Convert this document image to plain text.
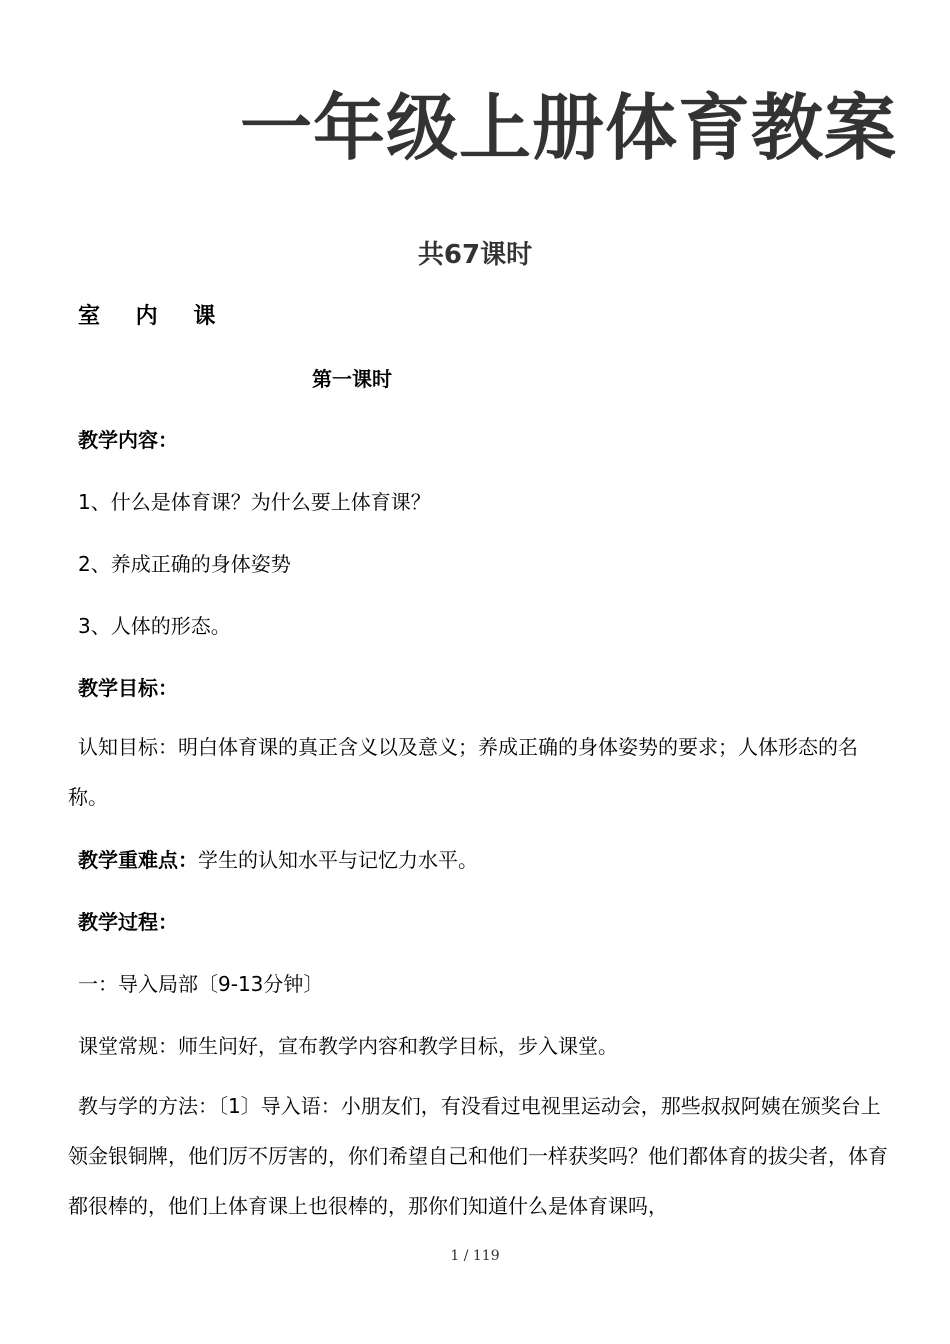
一年级上册体育教案
共67课时
室 内 课
第一课时
教学内容：
1、什么是体育课？为什么要上体育课？
2、养成正确的身体姿势
3、人体的形态。
教学目标：
认知目标：明白体育课的真正含义以及意义；养成正确的身体姿势的要求；人体形态的名称。
教学重难点：学生的认知水平与记忆力水平。
教学过程：
一：导入局部〔9-13分钟〕
课堂常规：师生问好，宣布教学内容和教学目标，步入课堂。
教与学的方法：〔1〕导入语：小朋友们，有没看过电视里运动会，那些叔叔阿姨在颁奖台上领金银铜牌，他们厉不厉害的，你们希望自己和他们一样获奖吗？他们都体育的拔尖者，体育都很棒的，他们上体育课上也很棒的，那你们知道什么是体育课吗，
1 / 119
